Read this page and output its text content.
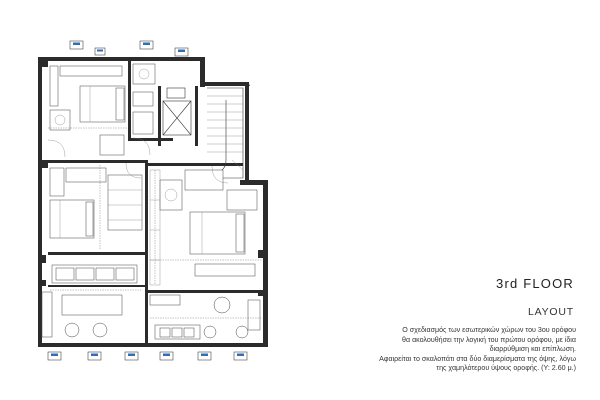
3rd FLOOR
LAYOUT
Ο σχεδιασμός των εσωτερικών χώρων του 3ου ορόφου
θα ακολουθήσει την λογική του πρώτου ορόφου, με ίδια
διαρρύθμιση και επίπλωση.
Αφαιρείται το σκαλοπάτι στα δύο διαμερίσματα της όψης, λόγω
της χαμηλότερου ύψους οροφής. (Y: 2.60 μ.)
